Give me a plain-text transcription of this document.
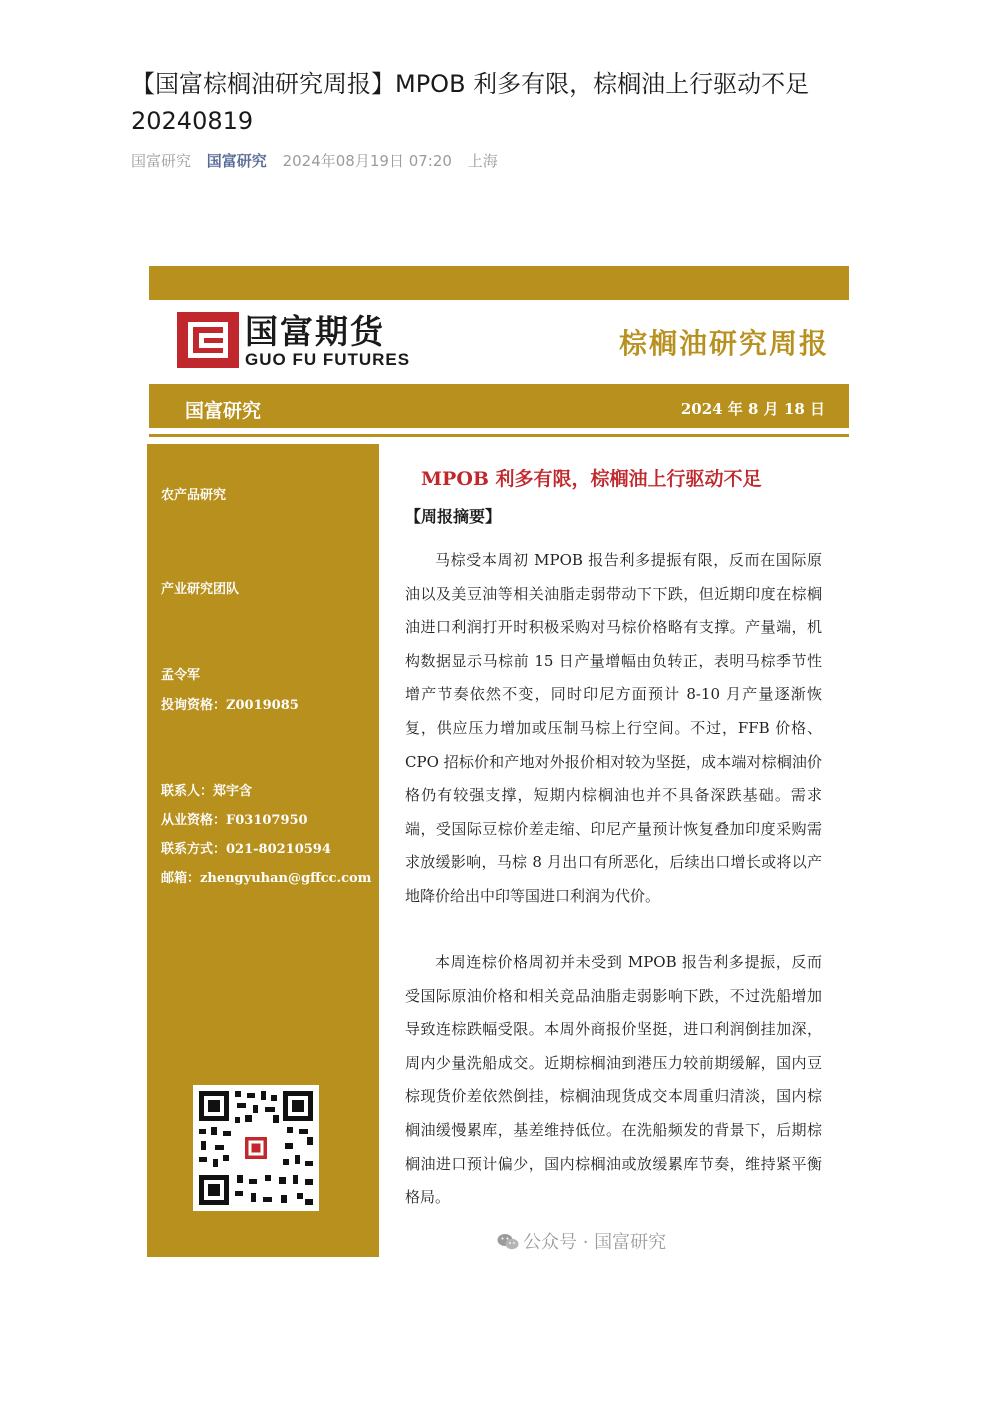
【国富棕榈油研究周报】MPOB 利多有限，棕榈油上行驱动不足 20240819
国富研究 国富研究 2024年08月19日 07:20 上海
国富期货
GUO FU FUTURES	棕榈油研究周报
国富研究	2024 年 8 月 18 日
农产品研究
产业研究团队
孟令军
投询资格：Z0019085
联系人：郑宇含
从业资格：F03107950
联系方式：021-80210594
邮箱：zhengyuhan@gffcc.com
MPOB 利多有限，棕榈油上行驱动不足
【周报摘要】

马棕受本周初 MPOB 报告利多提振有限，反而在国际原油以及美豆油等相关油脂走弱带动下下跌，但近期印度在棕榈油进口利润打开时积极采购对马棕价格略有支撑。产量端，机构数据显示马棕前 15 日产量增幅由负转正，表明马棕季节性增产节奏依然不变，同时印尼方面预计 8-10 月产量逐渐恢复，供应压力增加或压制马棕上行空间。不过，FFB 价格、CPO 招标价和产地对外报价相对较为坚挺，成本端对棕榈油价格仍有较强支撑，短期内棕榈油也并不具备深跌基础。需求端，受国际豆棕价差走缩、印尼产量预计恢复叠加印度采购需求放缓影响，马棕 8 月出口有所恶化，后续出口增长或将以产地降价给出中印等国进口利润为代价。

本周连棕价格周初并未受到 MPOB 报告利多提振，反而受国际原油价格和相关竞品油脂走弱影响下跌，不过洗船增加导致连棕跌幅受限。本周外商报价坚挺，进口利润倒挂加深，周内少量洗船成交。近期棕榈油到港压力较前期缓解，国内豆棕现货价差依然倒挂，棕榈油现货成交本周重归清淡，国内棕榈油缓慢累库，基差维持低位。在洗船频发的背景下，后期棕榈油进口预计偏少，国内棕榈油或放缓累库节奏，维持紧平衡格局。

公众号 · 国富研究
